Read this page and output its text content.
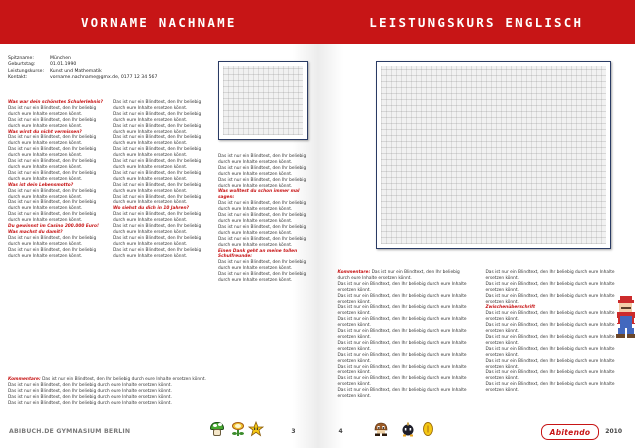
VORNAME NACHNAME
Spitzname:	München
Geburtstag:	01.01.1990
Leistungskurse:	Kunst und Mathematik
Kontakt:	vorname.nachname@gmx.de, 0177 12 34 567

Was war dein schönstes Schulerlebnis?

Das ist nur ein Blindtext, den Ihr beliebig durch eure Inhalte ersetzen könnt.

Das ist nur ein Blindtext, den Ihr beliebig durch eure Inhalte ersetzen könnt.

Was wirst du nicht vermissen?

Das ist nur ein Blindtext, den Ihr beliebig durch eure Inhalte ersetzen könnt.

Das ist nur ein Blindtext, den Ihr beliebig durch eure Inhalte ersetzen könnt.

Das ist nur ein Blindtext, den Ihr beliebig durch eure Inhalte ersetzen könnt.

Das ist nur ein Blindtext, den Ihr beliebig durch eure Inhalte ersetzen könnt.

Was ist dein Lebensmotto?

Das ist nur ein Blindtext, den Ihr beliebig durch eure Inhalte ersetzen könnt.

Das ist nur ein Blindtext, den Ihr beliebig durch eure Inhalte ersetzen könnt.

Das ist nur ein Blindtext, den Ihr beliebig durch eure Inhalte ersetzen könnt.

Du gewinnst im Casino 200.000 Euro! Was machst du damit?

Das ist nur ein Blindtext, den Ihr beliebig durch eure Inhalte ersetzen könnt.

Das ist nur ein Blindtext, den Ihr beliebig durch eure Inhalte ersetzen könnt.

Das ist nur ein Blindtext, den Ihr beliebig durch eure Inhalte ersetzen könnt.

Das ist nur ein Blindtext, den Ihr beliebig durch eure Inhalte ersetzen könnt.

Das ist nur ein Blindtext, den Ihr beliebig durch eure Inhalte ersetzen könnt.

Das ist nur ein Blindtext, den Ihr beliebig durch eure Inhalte ersetzen könnt.

Das ist nur ein Blindtext, den Ihr beliebig durch eure Inhalte ersetzen könnt.

Das ist nur ein Blindtext, den Ihr beliebig durch eure Inhalte ersetzen könnt.

Das ist nur ein Blindtext, den Ihr beliebig durch eure Inhalte ersetzen könnt.

Das ist nur ein Blindtext, den Ihr beliebig durch eure Inhalte ersetzen könnt.

Das ist nur ein Blindtext, den Ihr beliebig durch eure Inhalte ersetzen könnt.

Wo siehst du dich in 10 Jahren?

Das ist nur ein Blindtext, den Ihr beliebig durch eure Inhalte ersetzen könnt.

Das ist nur ein Blindtext, den Ihr beliebig durch eure Inhalte ersetzen könnt.

Das ist nur ein Blindtext, den Ihr beliebig durch eure Inhalte ersetzen könnt.

Das ist nur ein Blindtext, den Ihr beliebig durch eure Inhalte ersetzen könnt.

Das ist nur ein Blindtext, den Ihr beliebig durch eure Inhalte ersetzen könnt.

Das ist nur ein Blindtext, den Ihr beliebig durch eure Inhalte ersetzen könnt.

Das ist nur ein Blindtext, den Ihr beliebig durch eure Inhalte ersetzen könnt.

Was wolltest du schon immer mal sagen:

Das ist nur ein Blindtext, den Ihr beliebig durch eure Inhalte ersetzen könnt.

Das ist nur ein Blindtext, den Ihr beliebig durch eure Inhalte ersetzen könnt.

Das ist nur ein Blindtext, den Ihr beliebig durch eure Inhalte ersetzen könnt.

Das ist nur ein Blindtext, den Ihr beliebig durch eure Inhalte ersetzen könnt.

Einen Dank geht an meine tollen Schulfreunde:

Das ist nur ein Blindtext, den Ihr beliebig durch eure Inhalte ersetzen könnt.

Das ist nur ein Blindtext, den Ihr beliebig durch eure Inhalte ersetzen könnt.

Kommentare: Das ist nur ein Blindtext, den Ihr beliebig durch eure Inhalte ersetzen könnt.

Das ist nur ein Blindtext, den Ihr beliebig durch eure Inhalte ersetzen könnt.

Das ist nur ein Blindtext, den Ihr beliebig durch eure Inhalte ersetzen könnt.

Das ist nur ein Blindtext, den Ihr beliebig durch eure Inhalte ersetzen könnt.

Das ist nur ein Blindtext, den Ihr beliebig durch eure Inhalte ersetzen könnt.

ABIBUCH.DE GYMNASIUM BERLIN	3
LEISTUNGSKURS ENGLISCH

Kommentare: Das ist nur ein Blindtext, den Ihr beliebig durch eure Inhalte ersetzen könnt.

Das ist nur ein Blindtext, den Ihr beliebig durch eure Inhalte ersetzen könnt.

Das ist nur ein Blindtext, den Ihr beliebig durch eure Inhalte ersetzen könnt.

Das ist nur ein Blindtext, den Ihr beliebig durch eure Inhalte ersetzen könnt.

Das ist nur ein Blindtext, den Ihr beliebig durch eure Inhalte ersetzen könnt.

Das ist nur ein Blindtext, den Ihr beliebig durch eure Inhalte ersetzen könnt.

Das ist nur ein Blindtext, den Ihr beliebig durch eure Inhalte ersetzen könnt.

Das ist nur ein Blindtext, den Ihr beliebig durch eure Inhalte ersetzen könnt.

Das ist nur ein Blindtext, den Ihr beliebig durch eure Inhalte ersetzen könnt.

Das ist nur ein Blindtext, den Ihr beliebig durch eure Inhalte ersetzen könnt.

Das ist nur ein Blindtext, den Ihr beliebig durch eure Inhalte ersetzen könnt.

Das ist nur ein Blindtext, den Ihr beliebig durch eure Inhalte ersetzen könnt.

Das ist nur ein Blindtext, den Ihr beliebig durch eure Inhalte ersetzen könnt.

Das ist nur ein Blindtext, den Ihr beliebig durch eure Inhalte ersetzen könnt.

Zwischenüberschrift

Das ist nur ein Blindtext, den Ihr beliebig durch eure Inhalte ersetzen könnt.

Das ist nur ein Blindtext, den Ihr beliebig durch eure Inhalte ersetzen könnt.

Das ist nur ein Blindtext, den Ihr beliebig durch eure Inhalte ersetzen könnt.

Das ist nur ein Blindtext, den Ihr beliebig durch eure Inhalte ersetzen könnt.

Das ist nur ein Blindtext, den Ihr beliebig durch eure Inhalte ersetzen könnt.

Das ist nur ein Blindtext, den Ihr beliebig durch eure Inhalte ersetzen könnt.

Das ist nur ein Blindtext, den Ihr beliebig durch eure Inhalte ersetzen könnt.

4	Abitendo 2010
